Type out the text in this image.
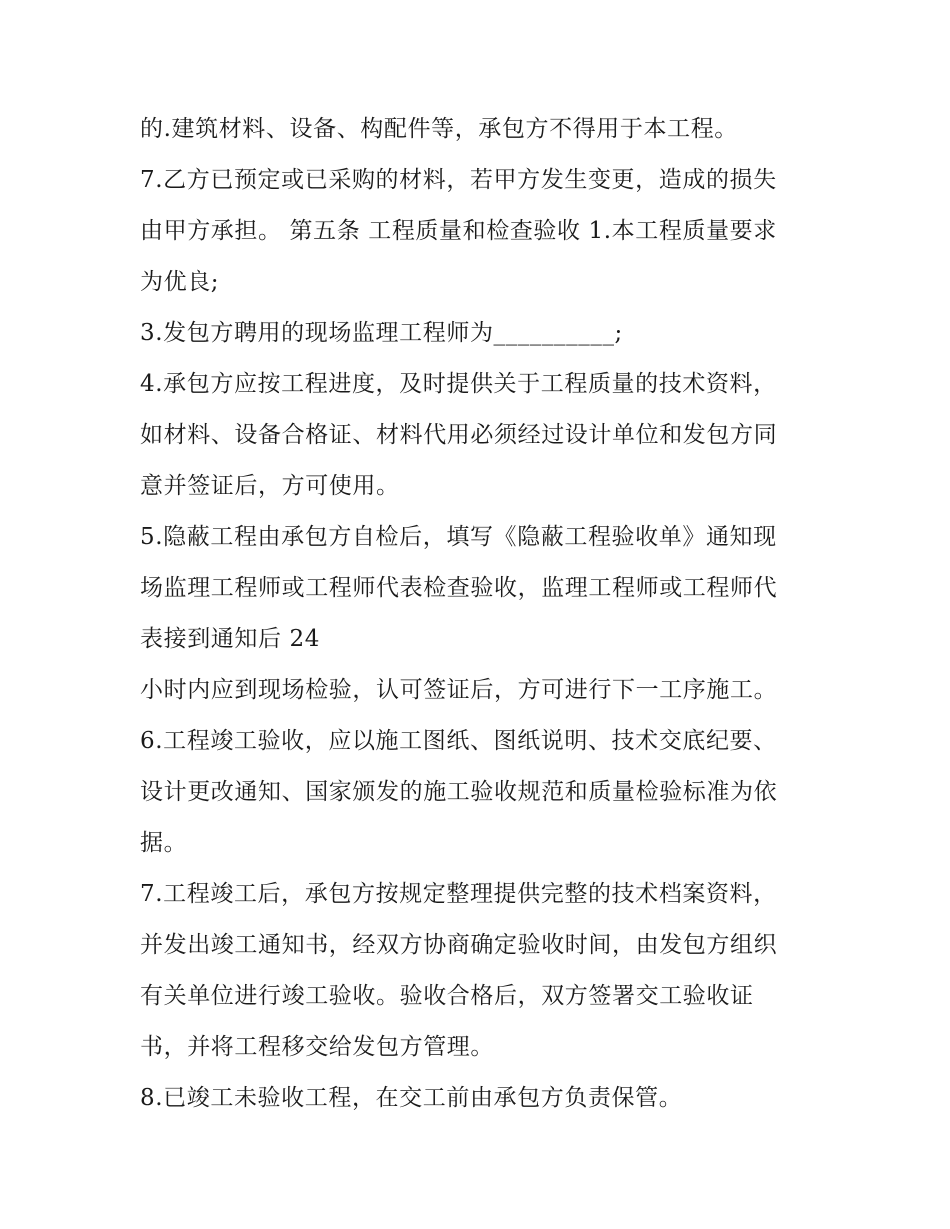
的.建筑材料、设备、构配件等，承包方不得用于本工程。
7.乙方已预定或已采购的材料，若甲方发生变更，造成的损失
由甲方承担。 第五条 工程质量和检查验收 1.本工程质量要求
为优良;
3.发包方聘用的现场监理工程师为__________;
4.承包方应按工程进度，及时提供关于工程质量的技术资料，
如材料、设备合格证、材料代用必须经过设计单位和发包方同
意并签证后，方可使用。
5.隐蔽工程由承包方自检后，填写《隐蔽工程验收单》通知现
场监理工程师或工程师代表检查验收，监理工程师或工程师代
表接到通知后 24
小时内应到现场检验，认可签证后，方可进行下一工序施工。
6.工程竣工验收，应以施工图纸、图纸说明、技术交底纪要、
设计更改通知、国家颁发的施工验收规范和质量检验标准为依
据。
7.工程竣工后，承包方按规定整理提供完整的技术档案资料，
并发出竣工通知书，经双方协商确定验收时间，由发包方组织
有关单位进行竣工验收。验收合格后，双方签署交工验收证
书，并将工程移交给发包方管理。
8.已竣工未验收工程，在交工前由承包方负责保管。
